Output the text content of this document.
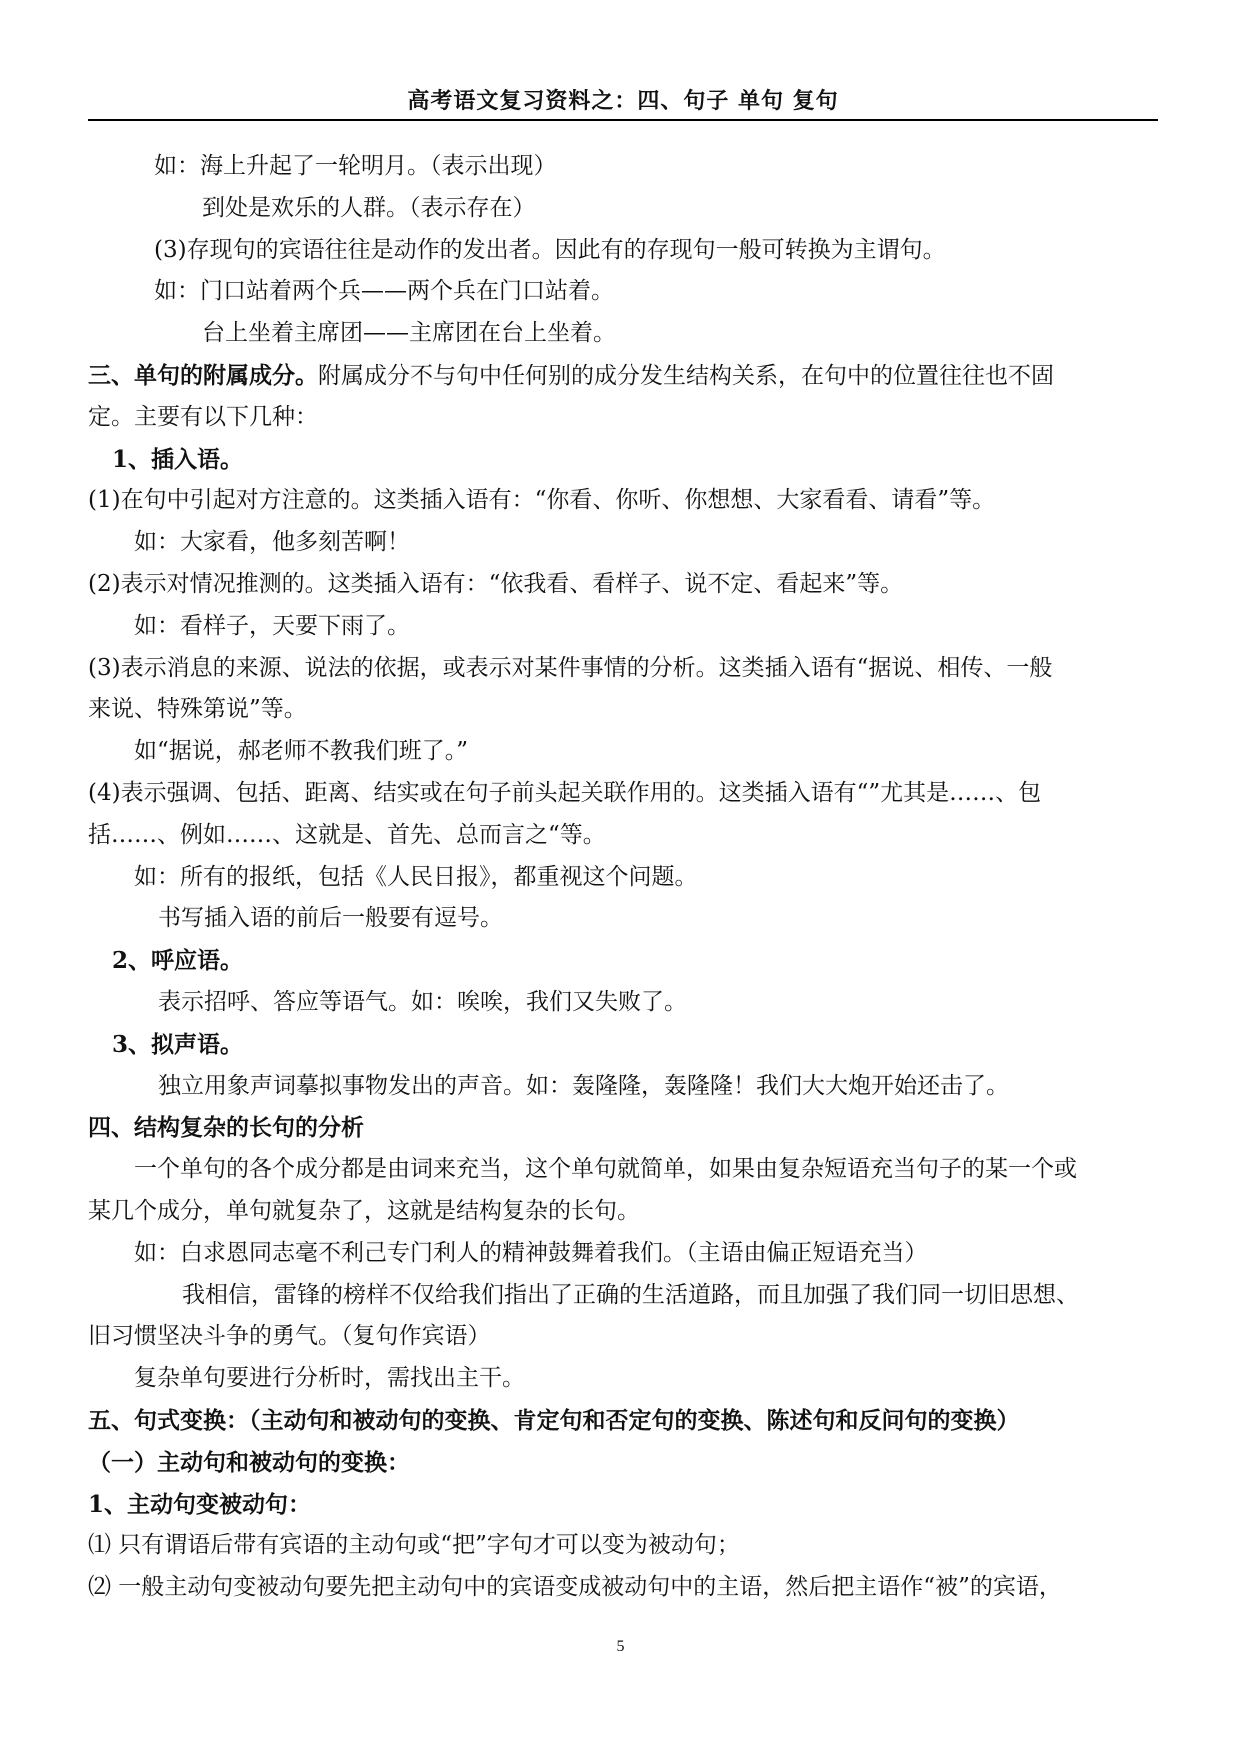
高考语文复习资料之：四、句子 单句 复句
如：海上升起了一轮明月。（表示出现）
到处是欢乐的人群。（表示存在）
(3)存现句的宾语往往是动作的发出者。因此有的存现句一般可转换为主谓句。
如：门口站着两个兵——两个兵在门口站着。
台上坐着主席团——主席团在台上坐着。
三、单句的附属成分。附属成分不与句中任何别的成分发生结构关系，在句中的位置往往也不固
定。主要有以下几种：
1、插入语。
(1)在句中引起对方注意的。这类插入语有：“你看、你听、你想想、大家看看、请看”等。
如：大家看，他多刻苦啊！
(2)表示对情况推测的。这类插入语有：“依我看、看样子、说不定、看起来”等。
如：看样子，天要下雨了。
(3)表示消息的来源、说法的依据，或表示对某件事情的分析。这类插入语有“据说、相传、一般
来说、特殊第说”等。
如“据说，郝老师不教我们班了。”
(4)表示强调、包括、距离、结实或在句子前头起关联作用的。这类插入语有“”尤其是……、包
括……、例如……、这就是、首先、总而言之“等。
如：所有的报纸，包括《人民日报》，都重视这个问题。
书写插入语的前后一般要有逗号。
2、呼应语。
表示招呼、答应等语气。如：唉唉，我们又失败了。
3、拟声语。
独立用象声词摹拟事物发出的声音。如：轰隆隆，轰隆隆！我们大大炮开始还击了。
四、结构复杂的长句的分析
一个单句的各个成分都是由词来充当，这个单句就简单，如果由复杂短语充当句子的某一个或
某几个成分，单句就复杂了，这就是结构复杂的长句。
如：白求恩同志毫不利己专门利人的精神鼓舞着我们。（主语由偏正短语充当）
我相信，雷锋的榜样不仅给我们指出了正确的生活道路，而且加强了我们同一切旧思想、
旧习惯坚决斗争的勇气。（复句作宾语）
复杂单句要进行分析时，需找出主干。
五、句式变换：（主动句和被动句的变换、肯定句和否定句的变换、陈述句和反问句的变换）
（一）主动句和被动句的变换：
1、主动句变被动句：
⑴ 只有谓语后带有宾语的主动句或“把”字句才可以变为被动句；
⑵ 一般主动句变被动句要先把主动句中的宾语变成被动句中的主语，然后把主语作“被”的宾语，
5
